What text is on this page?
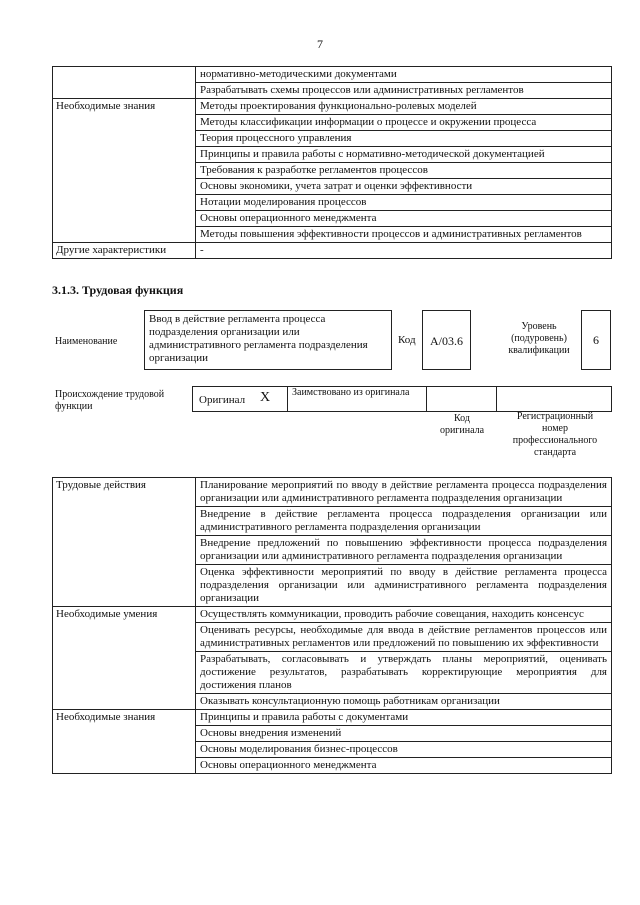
7
	нормативно-методическими документами
	Разрабатывать схемы процессов или административных регламентов
Необходимые знания	Методы проектирования функционально-ролевых моделей
	Методы классификации информации о процессе и окружении процесса
	Теория процессного управления
	Принципы и правила работы с нормативно-методической документацией
	Требования к разработке регламентов процессов
	Основы экономики, учета затрат и оценки эффективности
	Нотации моделирования процессов
	Основы операционного менеджмента
	Методы повышения эффективности процессов и административных регламентов
Другие характеристики	-
3.1.3. Трудовая функция
Наименование
Ввод в действие регламента процесса подразделения организации или административного регламента подразделения организации
Код	А/03.6
Уровень (подуровень) квалификации
6
Происхождение трудовой функции
Оригинал X Заимствовано из оригинала
Код оригинала
Регистрационный номер профессионального стандарта
Трудовые действия	Планирование мероприятий по вводу в действие регламента процесса подразделения организации или административного регламента подразделения организации
	Внедрение в действие регламента процесса подразделения организации или административного регламента подразделения организации
	Внедрение предложений по повышению эффективности процесса подразделения организации или административного регламента подразделения организации
	Оценка эффективности мероприятий по вводу в действие регламента процесса подразделения организации или административного регламента подразделения организации
Необходимые умения	Осуществлять коммуникации, проводить рабочие совещания, находить консенсус
	Оценивать ресурсы, необходимые для ввода в действие регламентов процессов или административных регламентов или предложений по повышению их эффективности
	Разрабатывать, согласовывать и утверждать планы мероприятий, оценивать достижение результатов, разрабатывать корректирующие мероприятия для достижения планов
	Оказывать консультационную помощь работникам организации
Необходимые знания	Принципы и правила работы с документами
	Основы внедрения изменений
	Основы моделирования бизнес-процессов
	Основы операционного менеджмента
